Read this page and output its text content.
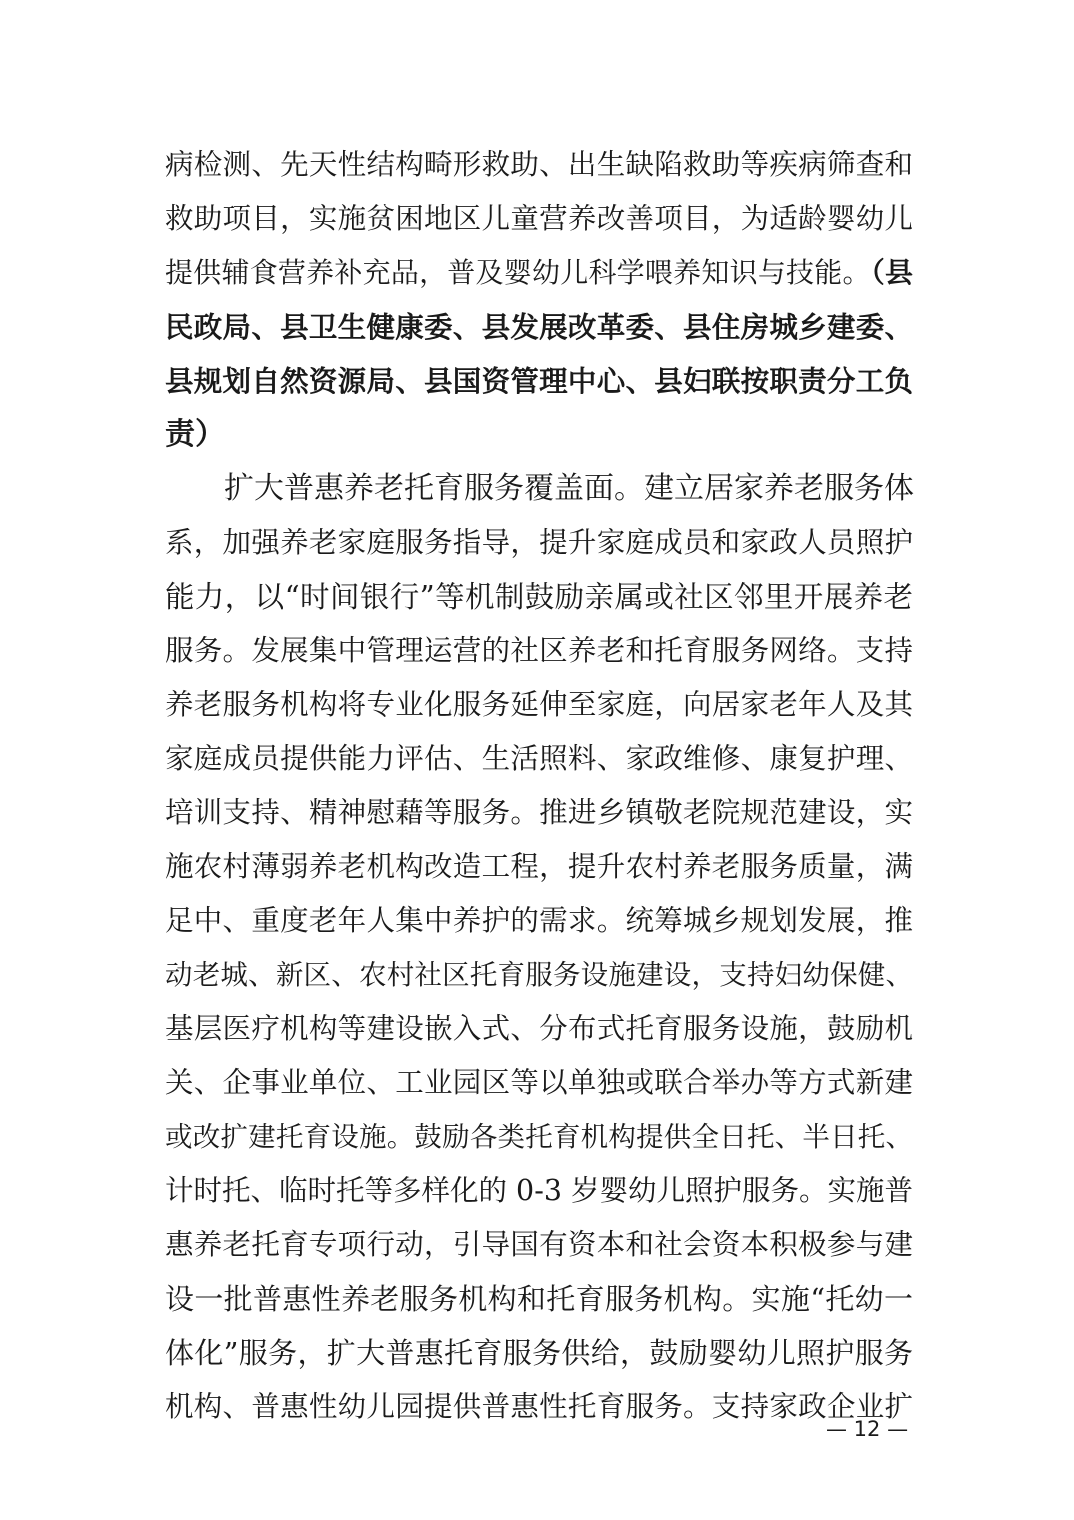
病检测、先天性结构畸形救助、出生缺陷救助等疾病筛查和
救助项目，实施贫困地区儿童营养改善项目，为适龄婴幼儿
提供辅食营养补充品，普及婴幼儿科学喂养知识与技能。（县
民政局、县卫生健康委、县发展改革委、县住房城乡建委、
县规划自然资源局、县国资管理中心、县妇联按职责分工负
责）
扩大普惠养老托育服务覆盖面。建立居家养老服务体
系，加强养老家庭服务指导，提升家庭成员和家政人员照护
能力，以“时间银行”等机制鼓励亲属或社区邻里开展养老
服务。发展集中管理运营的社区养老和托育服务网络。支持
养老服务机构将专业化服务延伸至家庭，向居家老年人及其
家庭成员提供能力评估、生活照料、家政维修、康复护理、
培训支持、精神慰藉等服务。推进乡镇敬老院规范建设，实
施农村薄弱养老机构改造工程，提升农村养老服务质量，满
足中、重度老年人集中养护的需求。统筹城乡规划发展，推
动老城、新区、农村社区托育服务设施建设，支持妇幼保健、
基层医疗机构等建设嵌入式、分布式托育服务设施，鼓励机
关、企事业单位、工业园区等以单独或联合举办等方式新建
或改扩建托育设施。鼓励各类托育机构提供全日托、半日托、
计时托、临时托等多样化的 0-3 岁婴幼儿照护服务。实施普
惠养老托育专项行动，引导国有资本和社会资本积极参与建
设一批普惠性养老服务机构和托育服务机构。实施“托幼一
体化”服务，扩大普惠托育服务供给，鼓励婴幼儿照护服务
机构、普惠性幼儿园提供普惠性托育服务。支持家政企业扩
— 12 —
